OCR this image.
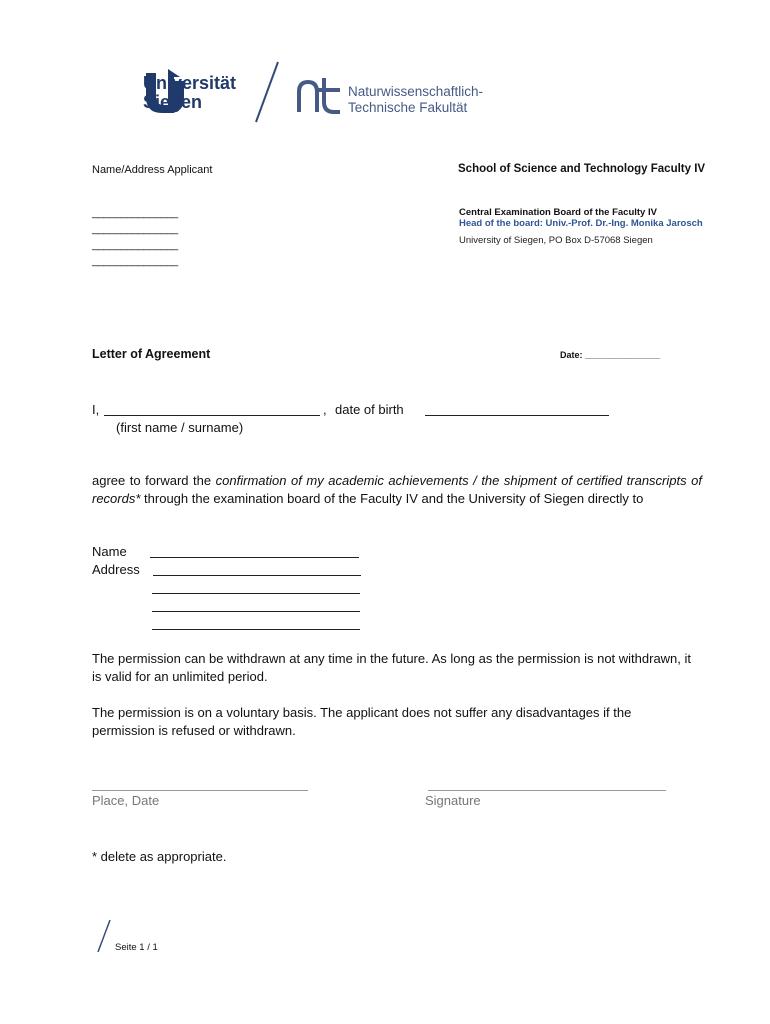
Universität
Siegen
Naturwissenschaftlich-
Technische Fakultät
Name/Address Applicant
_______________
_______________
_______________
_______________
School of Science and Technology Faculty IV
Central Examination Board of the Faculty IV
Head of the board: Univ.-Prof. Dr.-Ing. Monika Jarosch
University of Siegen, PO Box D-57068 Siegen
Letter of Agreement	Date: _______________
I,	, date of birth
(first name / surname)
agree to forward the confirmation of my academic achievements / the shipment of certified transcripts of records* through the examination board of the Faculty IV and the University of Siegen directly to
Name
Address
The permission can be withdrawn at any time in the future. As long as the permission is not withdrawn, it is valid for an unlimited period.
The permission is on a voluntary basis. The applicant does not suffer any disadvantages if the permission is refused or withdrawn.
Place, Date	Signature
* delete as appropriate.
Seite 1 / 1
